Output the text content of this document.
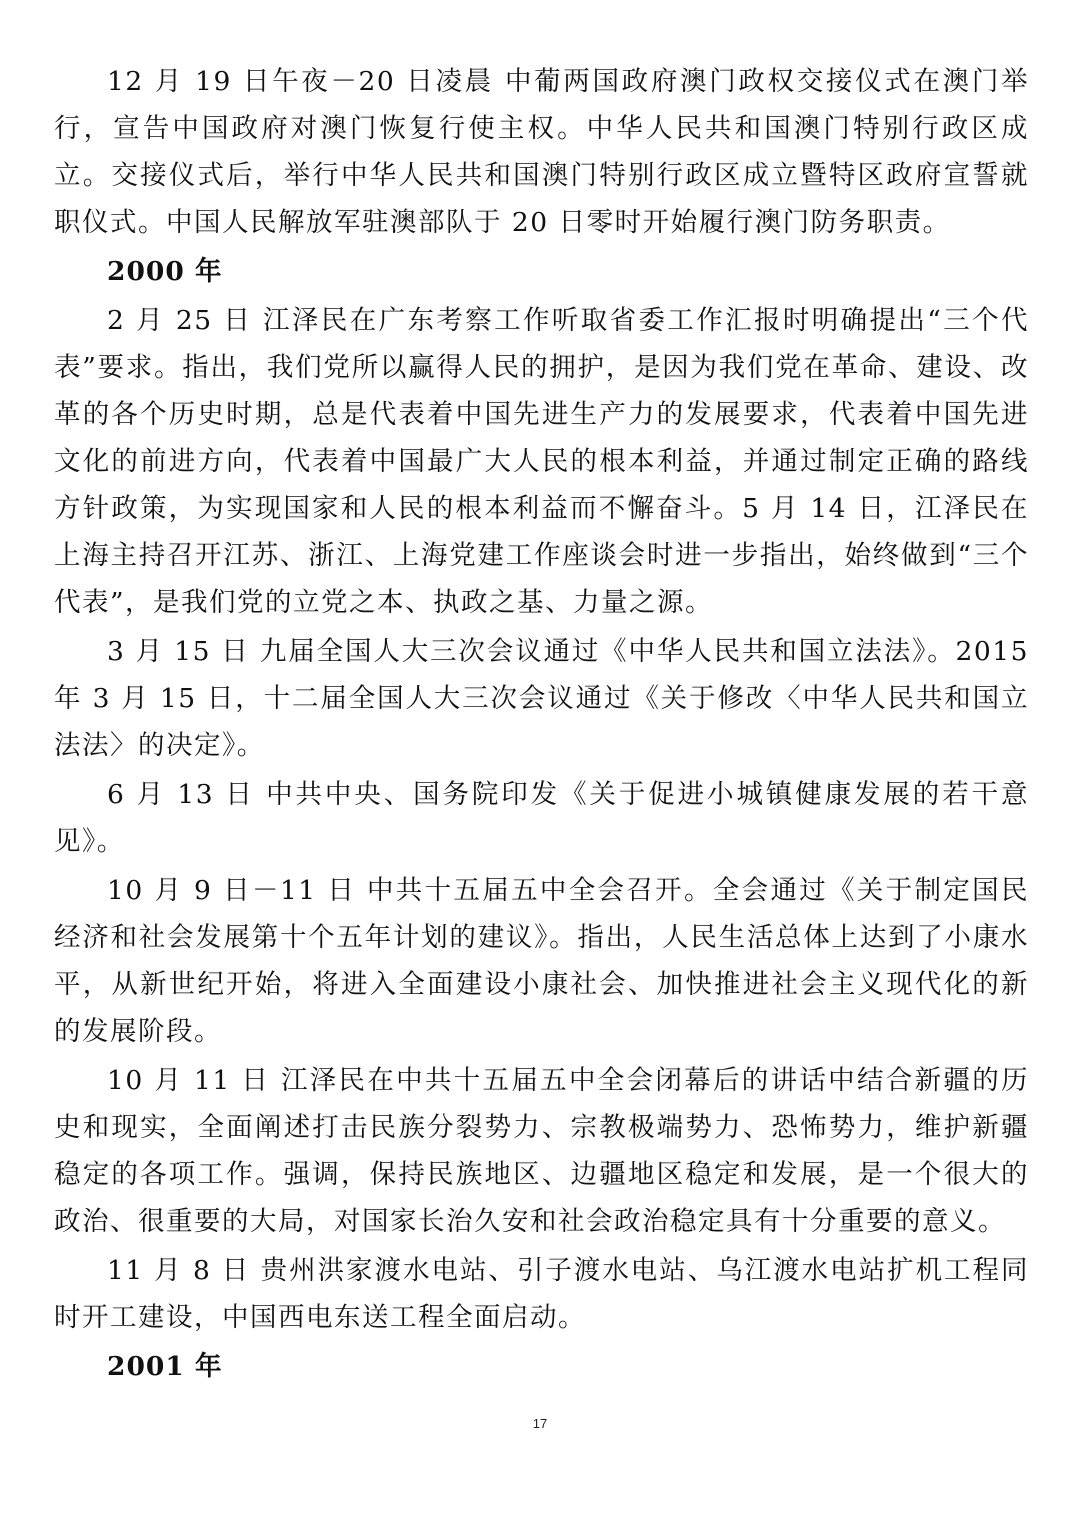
12 月 19 日午夜－20 日凌晨 中葡两国政府澳门政权交接仪式在澳门举行，宣告中国政府对澳门恢复行使主权。中华人民共和国澳门特别行政区成立。交接仪式后，举行中华人民共和国澳门特别行政区成立暨特区政府宣誓就职仪式。中国人民解放军驻澳部队于 20 日零时开始履行澳门防务职责。

2000 年

2 月 25 日 江泽民在广东考察工作听取省委工作汇报时明确提出“三个代表”要求。指出，我们党所以赢得人民的拥护，是因为我们党在革命、建设、改革的各个历史时期，总是代表着中国先进生产力的发展要求，代表着中国先进文化的前进方向，代表着中国最广大人民的根本利益，并通过制定正确的路线方针政策，为实现国家和人民的根本利益而不懈奋斗。5 月 14 日，江泽民在上海主持召开江苏、浙江、上海党建工作座谈会时进一步指出，始终做到“三个代表”，是我们党的立党之本、执政之基、力量之源。

3 月 15 日 九届全国人大三次会议通过《中华人民共和国立法法》。2015 年 3 月 15 日，十二届全国人大三次会议通过《关于修改〈中华人民共和国立法法〉的决定》。

6 月 13 日 中共中央、国务院印发《关于促进小城镇健康发展的若干意见》。

10 月 9 日－11 日 中共十五届五中全会召开。全会通过《关于制定国民经济和社会发展第十个五年计划的建议》。指出，人民生活总体上达到了小康水平，从新世纪开始，将进入全面建设小康社会、加快推进社会主义现代化的新的发展阶段。

10 月 11 日 江泽民在中共十五届五中全会闭幕后的讲话中结合新疆的历史和现实，全面阐述打击民族分裂势力、宗教极端势力、恐怖势力，维护新疆稳定的各项工作。强调，保持民族地区、边疆地区稳定和发展，是一个很大的政治、很重要的大局，对国家长治久安和社会政治稳定具有十分重要的意义。

11 月 8 日 贵州洪家渡水电站、引子渡水电站、乌江渡水电站扩机工程同时开工建设，中国西电东送工程全面启动。

2001 年

17
